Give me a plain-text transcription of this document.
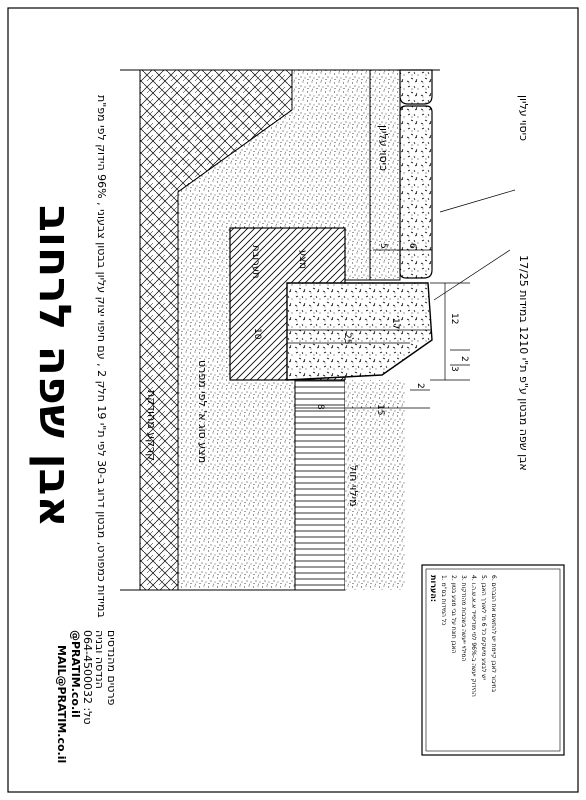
5 6
25
17	12
3
2
15
8
10
2
כיסוי עליון
תערובת	מצע
מצע סוג א' לפי מפרט
קרקע מהודקת
מילוי חול
כיסוי עליון
אבן שפה מבטון ע"פ ת"י 1210 במידות 17/25
אבן שפה לרחוב
במידות כמפורט, מבטון דרוג ב-30 לפי ת"י 19 חלק 2 , עם חיפוי יצוק עליון בבטון צבעוני , 96% הידוק לפי מפ"ת	הערות:
1. כל המידות בס"מ
2. האבן תונח על גבי מצע בטון
3. המילוי ייעשה בשכבות מהודקות
4. ההידוק יעשה ב-96% לפי מודיפייד א.א.ש.ה.ו
5. יש לבצע מישקים כל 6 מ' לאורך האבן
6. בחיבור לאבן קיימת יש להתאים את הגבהים
פרטים מהנדסים
הנדסה ובניה
064-4500032 :טל
@PRATIM.co.il
MAIL@PRATIM.co.il
